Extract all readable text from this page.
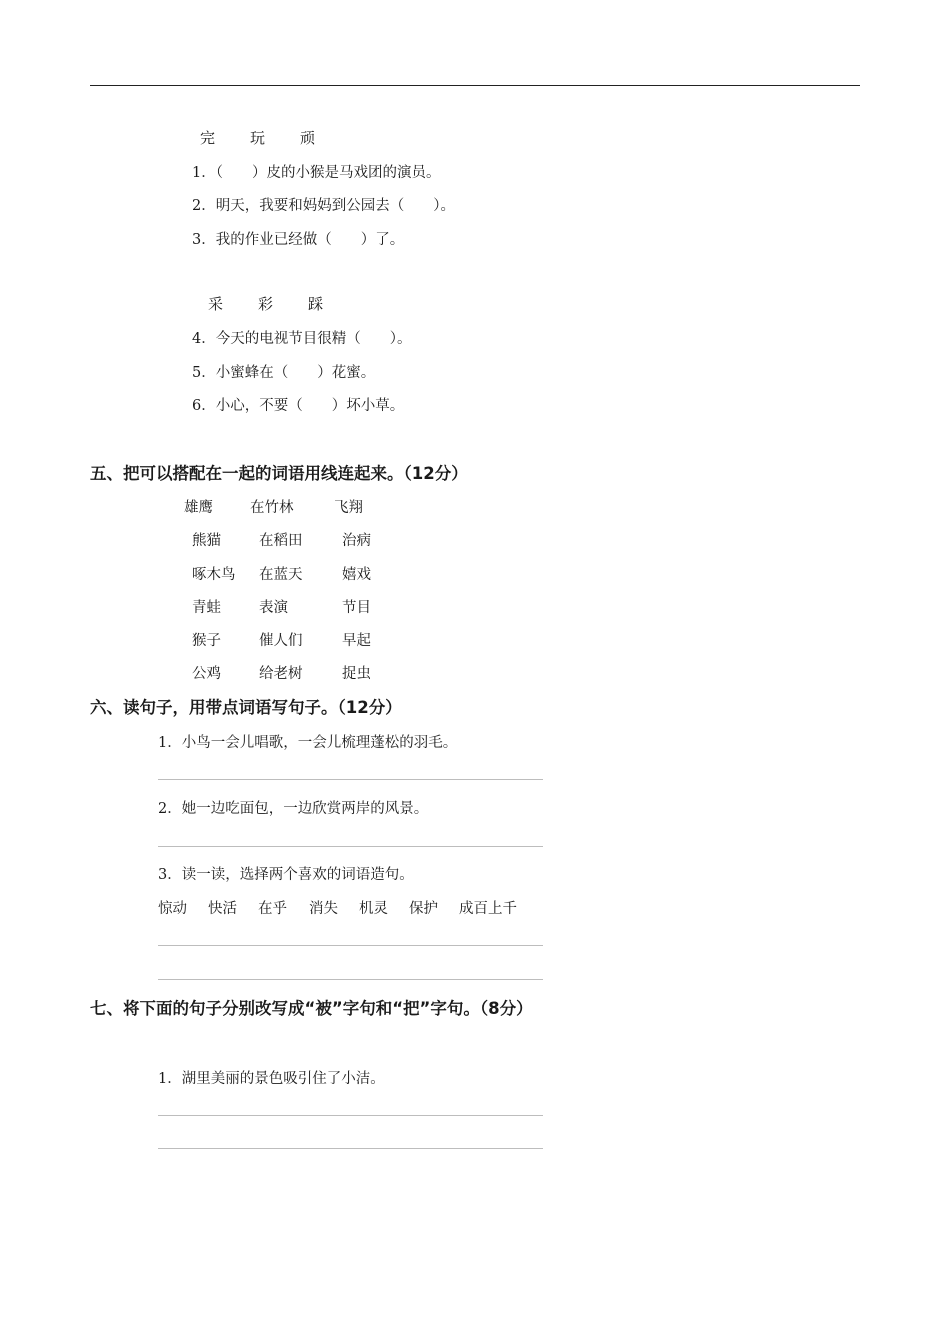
完 玩 顽
1．（　　）皮的小猴是马戏团的演员。
2．明天，我要和妈妈到公园去（　　）。
3．我的作业已经做（　　）了。
采 彩 踩
4．今天的电视节目很精（　　）。
5．小蜜蜂在（　　）花蜜。
6．小心，不要（　　）坏小草。
五、把可以搭配在一起的词语用线连起来。（12分）
雄鹰
熊猫
啄木鸟
青蛙
猴子
公鸡
在竹林
在稻田
在蓝天
表演
催人们
给老树
飞翔
治病
嬉戏
节目
早起
捉虫
六、读句子，用带点词语写句子。（12分）
1．小鸟一会儿唱歌，一会儿梳理蓬松的羽毛。
2．她一边吃面包，一边欣赏两岸的风景。
3．读一读，选择两个喜欢的词语造句。
惊动 快活 在乎 消失 机灵 保护 成百上千
七、将下面的句子分别改写成“被”字句和“把”字句。（8分）
1．湖里美丽的景色吸引住了小洁。
